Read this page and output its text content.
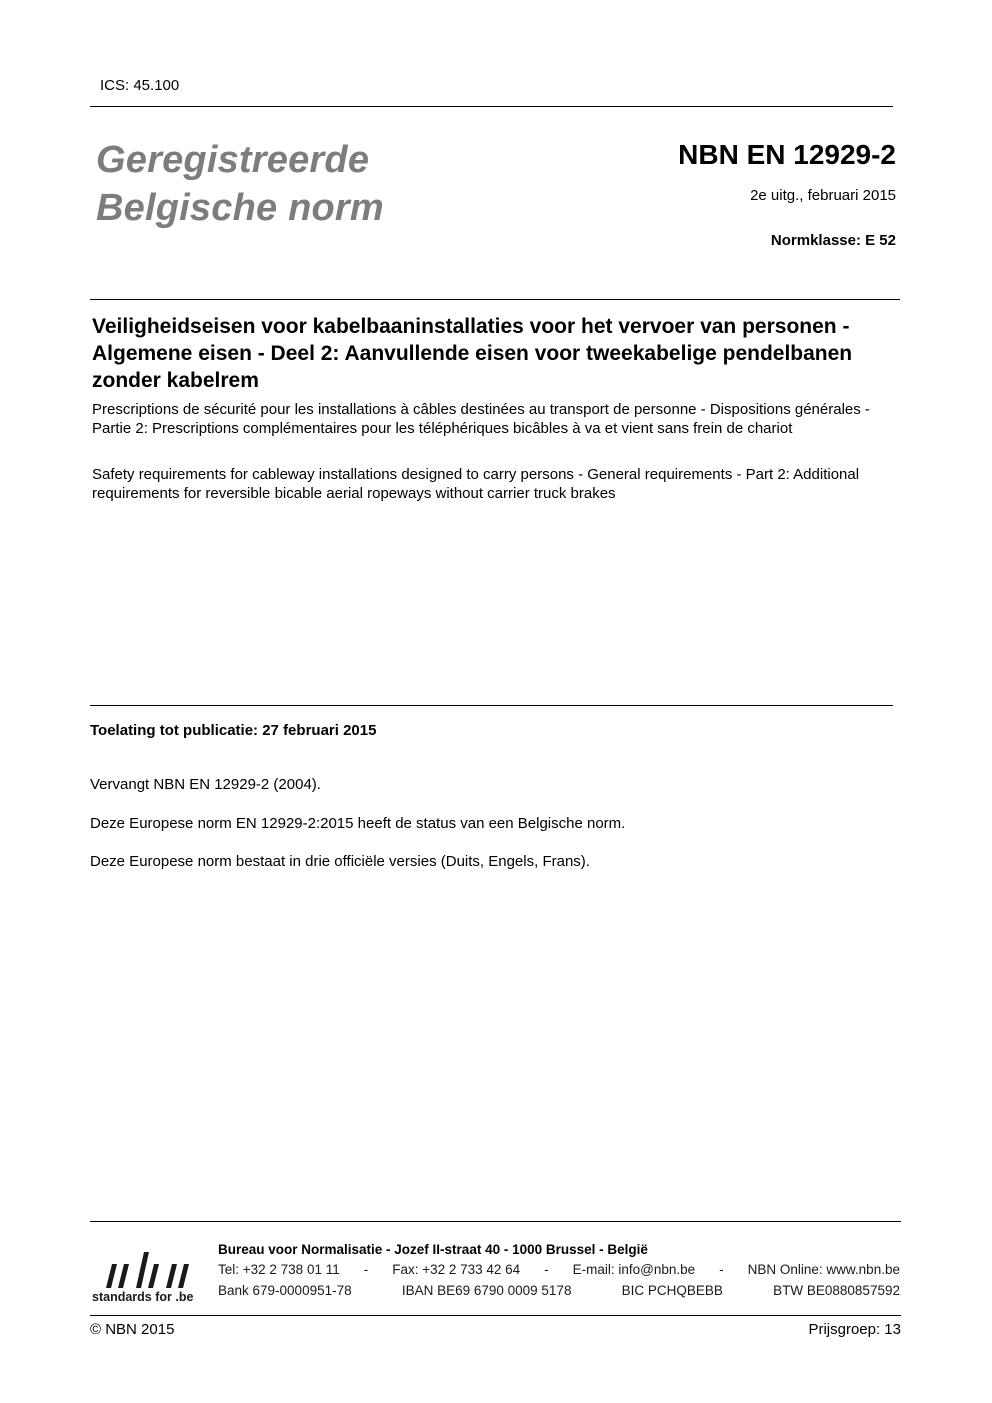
ICS: 45.100
Geregistreerde
Belgische norm
NBN EN 12929-2
2e uitg., februari 2015
Normklasse: E 52
Veiligheidseisen voor kabelbaaninstallaties voor het vervoer van personen - Algemene eisen - Deel 2: Aanvullende eisen voor tweekabelige pendelbanen zonder kabelrem
Prescriptions de sécurité pour les installations à câbles destinées au transport de personne - Dispositions générales - Partie 2: Prescriptions complémentaires pour les téléphériques bicâbles à va et vient sans frein de chariot
Safety requirements for cableway installations designed to carry persons - General requirements - Part 2: Additional requirements for reversible bicable aerial ropeways without carrier truck brakes
Toelating tot publicatie: 27 februari 2015
Vervangt NBN EN 12929-2 (2004).
Deze Europese norm EN 12929-2:2015 heeft de status van een Belgische norm.
Deze Europese norm bestaat in drie officiële versies (Duits, Engels, Frans).
standards for .be
Bureau voor Normalisatie - Jozef II-straat 40 - 1000 Brussel - België
Tel: +32 2 738 01 11 - Fax: +32 2 733 42 64 - E-mail: info@nbn.be - NBN Online: www.nbn.be
Bank 679-0000951-78	IBAN BE69 6790 0009 5178	BIC PCHQBEBB	BTW BE0880857592
© NBN 2015	Prijsgroep: 13
